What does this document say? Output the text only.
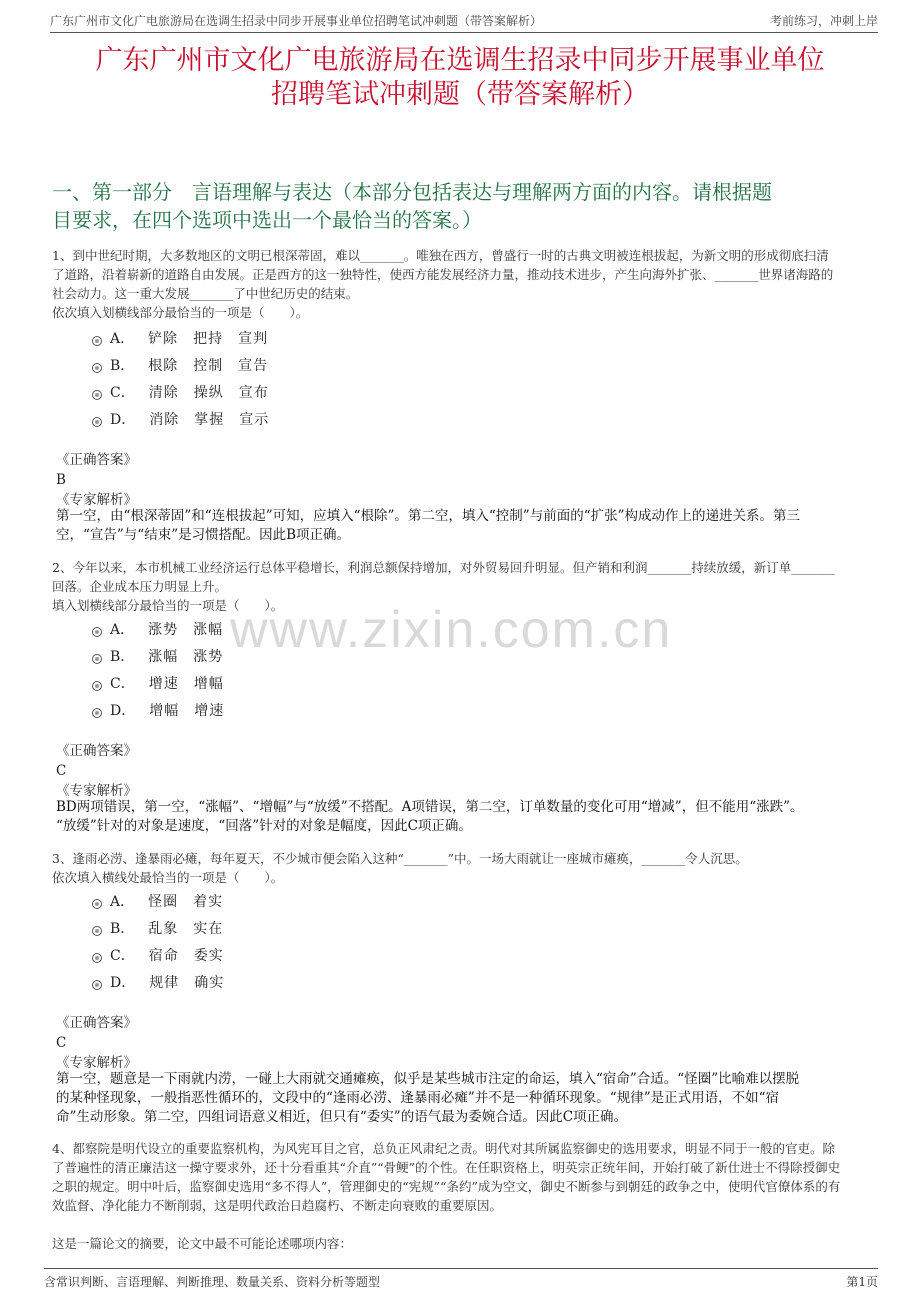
广东广州市文化广电旅游局在选调生招录中同步开展事业单位招聘笔试冲刺题（带答案解析）	考前练习，冲刺上岸
广东广州市文化广电旅游局在选调生招录中同步开展事业单位
招聘笔试冲刺题（带答案解析）
一、第一部分　言语理解与表达（本部分包括表达与理解两方面的内容。请根据题
目要求，在四个选项中选出一个最恰当的答案。）
www.zixin.com.cn
1、到中世纪时期，大多数地区的文明已根深蒂固，难以_______。唯独在西方，曾盛行一时的古典文明被连根拔起，为新文明的形成彻底扫清
了道路，沿着崭新的道路自由发展。正是西方的这一独特性，使西方能发展经济力量，推动技术进步，产生向海外扩张、_______世界诸海路的
社会动力。这一重大发展_______了中世纪历史的结束。
依次填入划横线部分最恰当的一项是（　　）。
A． 铲除　把持　宣判
B． 根除　控制　宣告
C． 清除　操纵　宣布
D． 消除　掌握　宣示
《正确答案》
B
《专家解析》
第一空，由“根深蒂固”和“连根拔起”可知，应填入“根除”。第二空，填入“控制”与前面的“扩张”构成动作上的递进关系。第三
空，“宣告”与“结束”是习惯搭配。因此B项正确。
2、今年以来，本市机械工业经济运行总体平稳增长，利润总额保持增加，对外贸易回升明显。但产销和利润_______持续放缓，新订单_______
回落。企业成本压力明显上升。
填入划横线部分最恰当的一项是（　　）。
A． 涨势　涨幅
B． 涨幅　涨势
C． 增速　增幅
D． 增幅　增速
《正确答案》
C
《专家解析》
BD两项错误，第一空，“涨幅”、“增幅”与“放缓”不搭配。A项错误，第二空，订单数量的变化可用“增减”，但不能用“涨跌”。
“放缓”针对的对象是速度，“回落”针对的对象是幅度，因此C项正确。
3、逢雨必涝、逢暴雨必瘫，每年夏天，不少城市便会陷入这种“_______”中。一场大雨就让一座城市瘫痪，_______令人沉思。
依次填入横线处最恰当的一项是（　　）。
A． 怪圈　着实
B． 乱象　实在
C． 宿命　委实
D． 规律　确实
《正确答案》
C
《专家解析》
第一空，题意是一下雨就内涝，一碰上大雨就交通瘫痪，似乎是某些城市注定的命运，填入“宿命”合适。“怪圈”比喻难以摆脱
的某种怪现象，一般指恶性循环的，文段中的“逢雨必涝、逢暴雨必瘫”并不是一种循环现象。“规律”是正式用语，不如“宿
命”生动形象。第二空，四组词语意义相近，但只有“委实”的语气最为委婉合适。因此C项正确。
4、都察院是明代设立的重要监察机构，为风宪耳目之官，总负正风肃纪之责。明代对其所属监察御史的选用要求，明显不同于一般的官吏。除
了普遍性的清正廉洁这一操守要求外，还十分看重其“介直”“骨鲠”的个性。在任职资格上，明英宗正统年间，开始打破了新仕进士不得除授御史
之职的规定。明中叶后，监察御史选用“多不得人”，管理御史的“宪规”“条约”成为空文，御史不断参与到朝廷的政争之中，使明代官僚体系的有
效监督、净化能力不断削弱，这是明代政治日趋腐朽、不断走向衰败的重要原因。
这是一篇论文的摘要，论文中最不可能论述哪项内容：
含常识判断、言语理解、判断推理、数量关系、资料分析等题型	第1页
